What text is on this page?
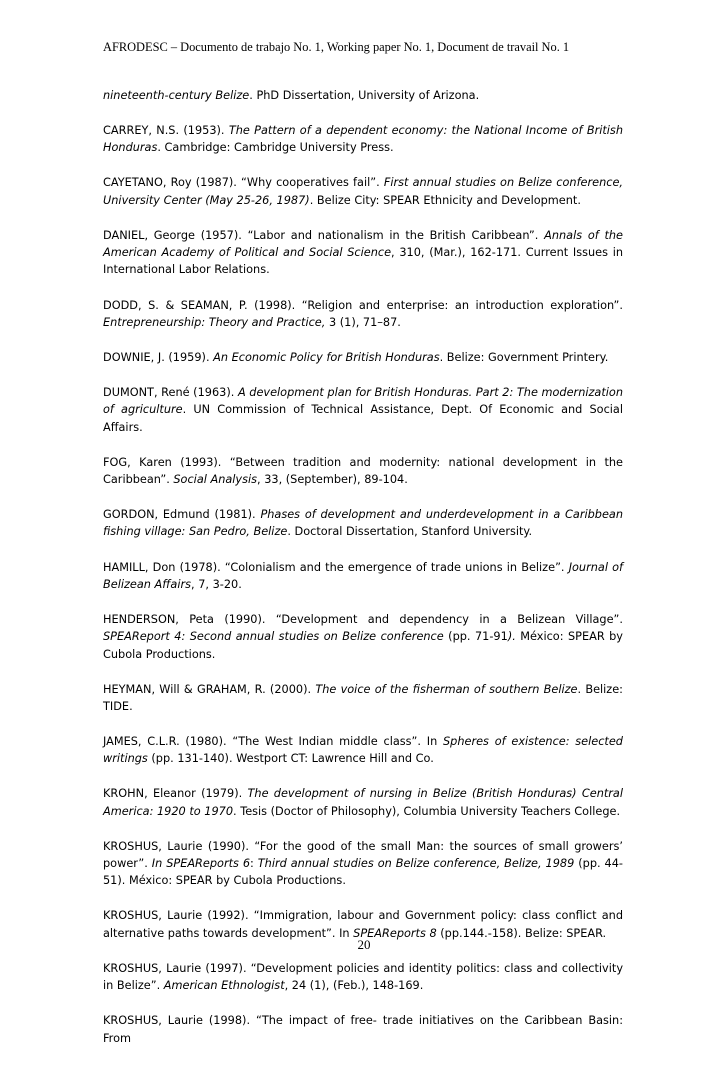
AFRODESC – Documento de trabajo No. 1, Working paper No. 1, Document de travail No. 1

nineteenth-century Belize. PhD Dissertation, University of Arizona.

CARREY, N.S. (1953). The Pattern of a dependent economy: the National Income of British Honduras. Cambridge: Cambridge University Press.

CAYETANO, Roy (1987). “Why cooperatives fail”. First annual studies on Belize conference, University Center (May 25-26, 1987). Belize City: SPEAR Ethnicity and Development.

DANIEL, George (1957). “Labor and nationalism in the British Caribbean”. Annals of the American Academy of Political and Social Science, 310, (Mar.), 162-171. Current Issues in International Labor Relations.

DODD, S. & SEAMAN, P. (1998). “Religion and enterprise: an introduction exploration”. Entrepreneurship: Theory and Practice, 3 (1), 71–87.

DOWNIE, J. (1959). An Economic Policy for British Honduras. Belize: Government Printery.

DUMONT, René (1963). A development plan for British Honduras. Part 2: The modernization of agriculture. UN Commission of Technical Assistance, Dept. Of Economic and Social Affairs.

FOG, Karen (1993). “Between tradition and modernity: national development in the Caribbean”. Social Analysis, 33, (September), 89-104.

GORDON, Edmund (1981). Phases of development and underdevelopment in a Caribbean fishing village: San Pedro, Belize. Doctoral Dissertation, Stanford University.

HAMILL, Don (1978). “Colonialism and the emergence of trade unions in Belize”. Journal of Belizean Affairs, 7, 3-20.

HENDERSON, Peta (1990). “Development and dependency in a Belizean Village”. SPEAReport 4: Second annual studies on Belize conference (pp. 71-91). México: SPEAR by Cubola Productions.

HEYMAN, Will & GRAHAM, R. (2000). The voice of the fisherman of southern Belize. Belize: TIDE.

JAMES, C.L.R. (1980). “The West Indian middle class”. In Spheres of existence: selected writings (pp. 131-140). Westport CT: Lawrence Hill and Co.

KROHN, Eleanor (1979). The development of nursing in Belize (British Honduras) Central America: 1920 to 1970. Tesis (Doctor of Philosophy), Columbia University Teachers College.

KROSHUS, Laurie (1990). “For the good of the small Man: the sources of small growers’ power”. In SPEAReports 6: Third annual studies on Belize conference, Belize, 1989 (pp. 44-51). México: SPEAR by Cubola Productions.

KROSHUS, Laurie (1992). “Immigration, labour and Government policy: class conflict and alternative paths towards development”. In SPEAReports 8 (pp.144.-158). Belize: SPEAR.

KROSHUS, Laurie (1997). “Development policies and identity politics: class and collectivity in Belize”. American Ethnologist, 24 (1), (Feb.), 148-169.

KROSHUS, Laurie (1998). “The impact of free- trade initiatives on the Caribbean Basin: From

20
